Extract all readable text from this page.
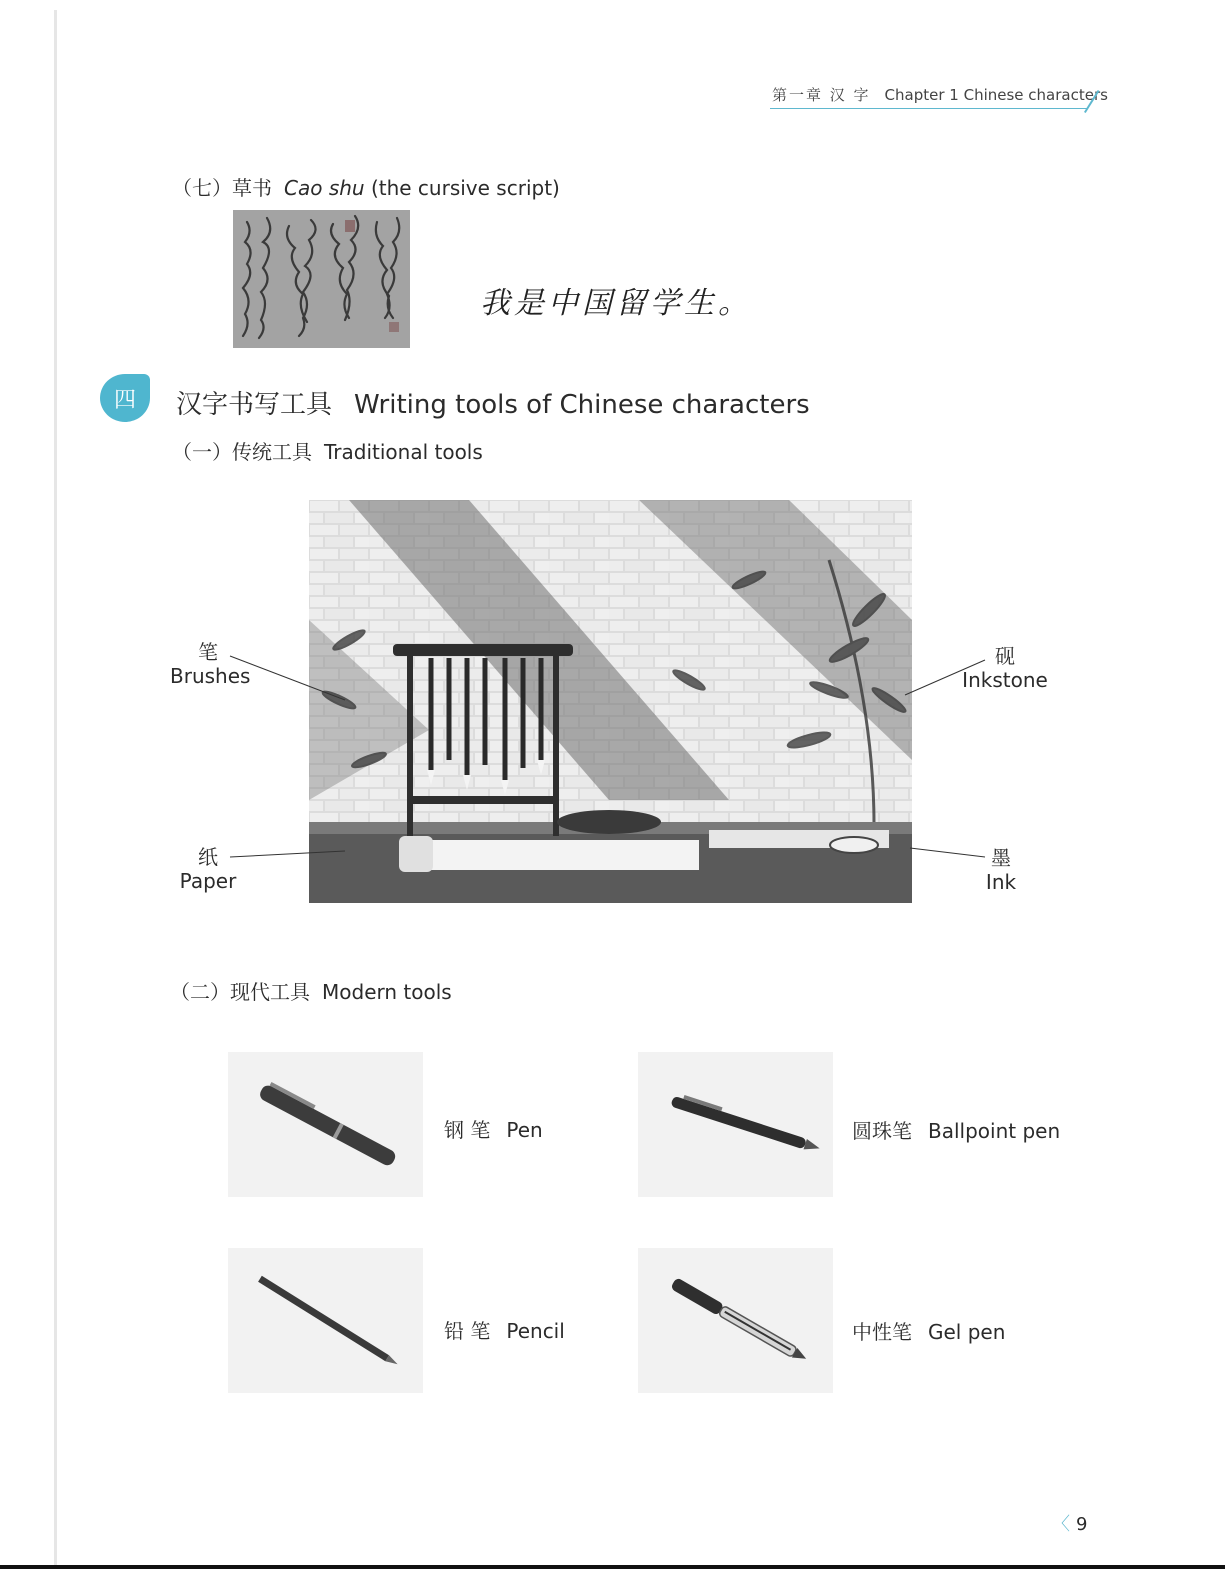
第一章 汉 字 Chapter 1 Chinese characters
（七）草书 Cao shu (the cursive script)
我是中国留学生。
四	汉字书写工具 Writing tools of Chinese characters
（一）传统工具 Traditional tools
笔
Brushes
砚
Inkstone
纸
Paper
墨
Ink
（二）现代工具 Modern tools
钢 笔 Pen	圆珠笔 Ballpoint pen
铅 笔 Pencil	中性笔 Gel pen
〈 9
